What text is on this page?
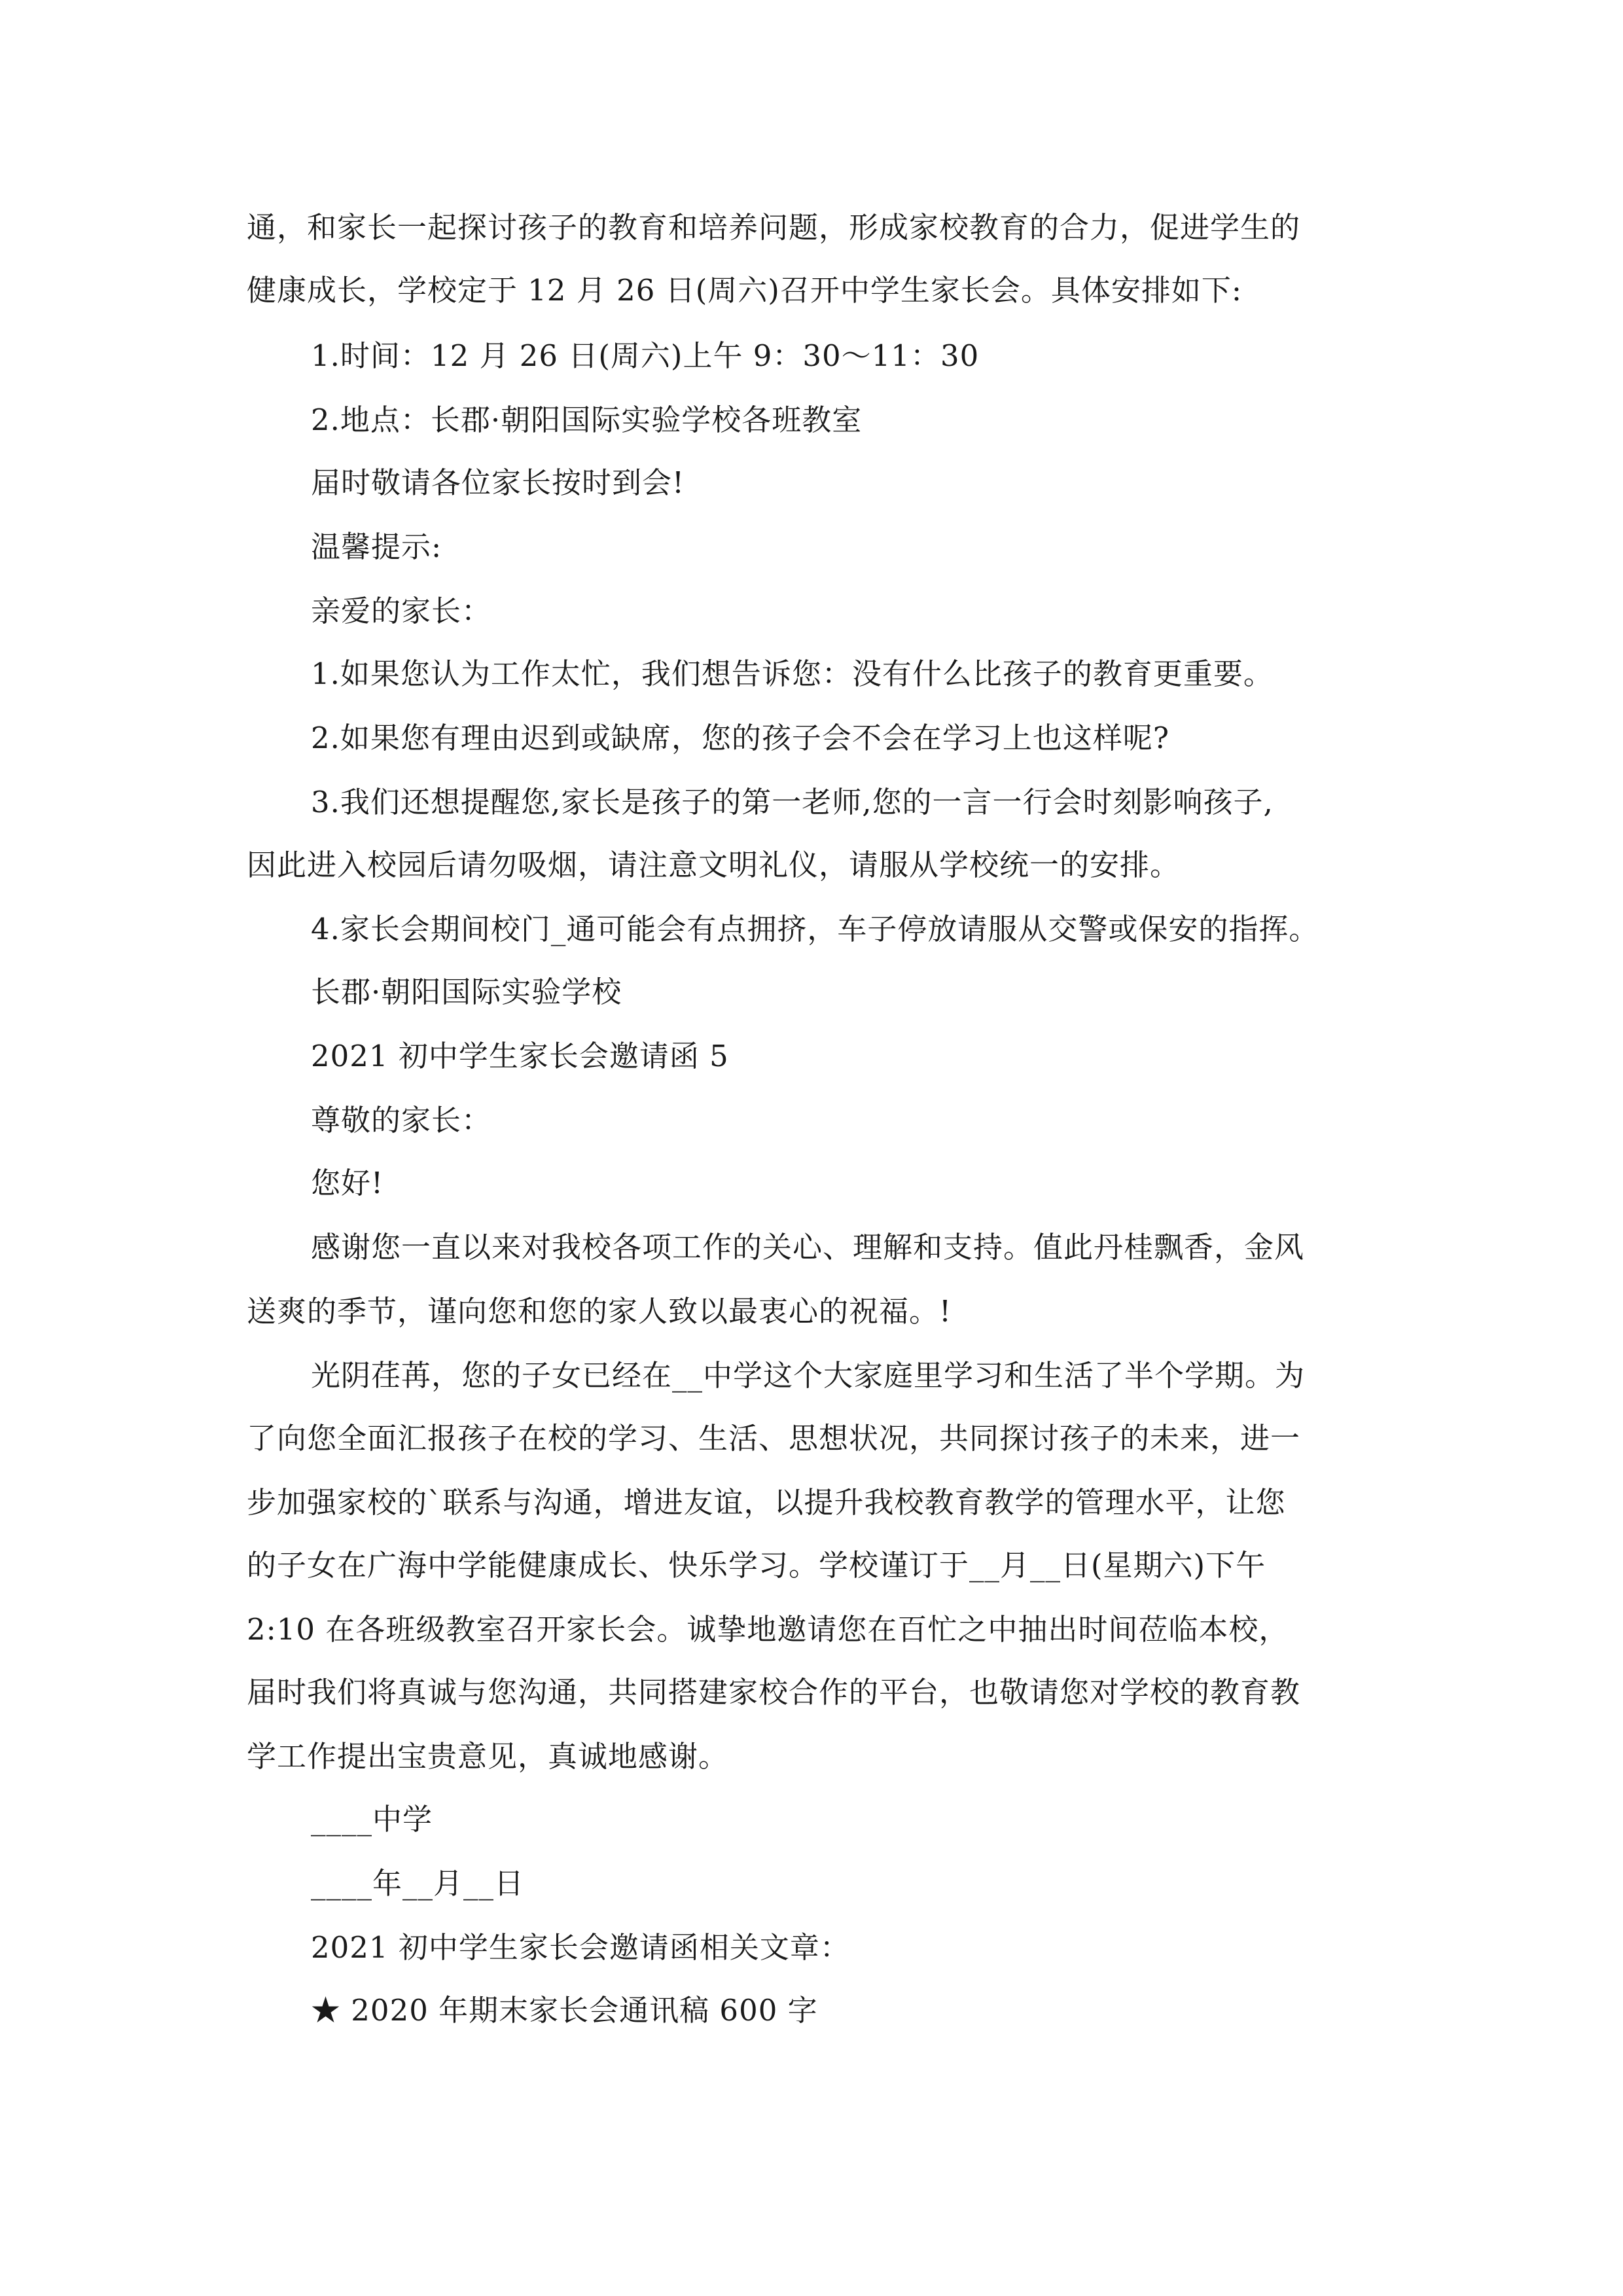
通，和家长一起探讨孩子的教育和培养问题，形成家校教育的合力，促进学生的
健康成长，学校定于 12 月 26 日(周六)召开中学生家长会。具体安排如下:
1.时间：12 月 26 日(周六)上午 9：30～11：30
2.地点：长郡·朝阳国际实验学校各班教室
届时敬请各位家长按时到会!
温馨提示:
亲爱的家长：
1.如果您认为工作太忙，我们想告诉您：没有什么比孩子的教育更重要。
2.如果您有理由迟到或缺席，您的孩子会不会在学习上也这样呢?
3.我们还想提醒您,家长是孩子的第一老师,您的一言一行会时刻影响孩子,
因此进入校园后请勿吸烟，请注意文明礼仪，请服从学校统一的安排。
4.家长会期间校门_通可能会有点拥挤，车子停放请服从交警或保安的指挥。
长郡·朝阳国际实验学校
2021 初中学生家长会邀请函 5
尊敬的家长：
您好!
感谢您一直以来对我校各项工作的关心、理解和支持。值此丹桂飘香，金风
送爽的季节，谨向您和您的家人致以最衷心的祝福。!
光阴荏苒，您的子女已经在__中学这个大家庭里学习和生活了半个学期。为
了向您全面汇报孩子在校的学习、生活、思想状况，共同探讨孩子的未来，进一
步加强家校的`联系与沟通，增进友谊，以提升我校教育教学的管理水平，让您
的子女在广海中学能健康成长、快乐学习。学校谨订于__月__日(星期六)下午
2:10 在各班级教室召开家长会。诚挚地邀请您在百忙之中抽出时间莅临本校，
届时我们将真诚与您沟通，共同搭建家校合作的平台，也敬请您对学校的教育教
学工作提出宝贵意见，真诚地感谢。
____中学
____年__月__日
2021 初中学生家长会邀请函相关文章：
★ 2020 年期末家长会通讯稿 600 字
